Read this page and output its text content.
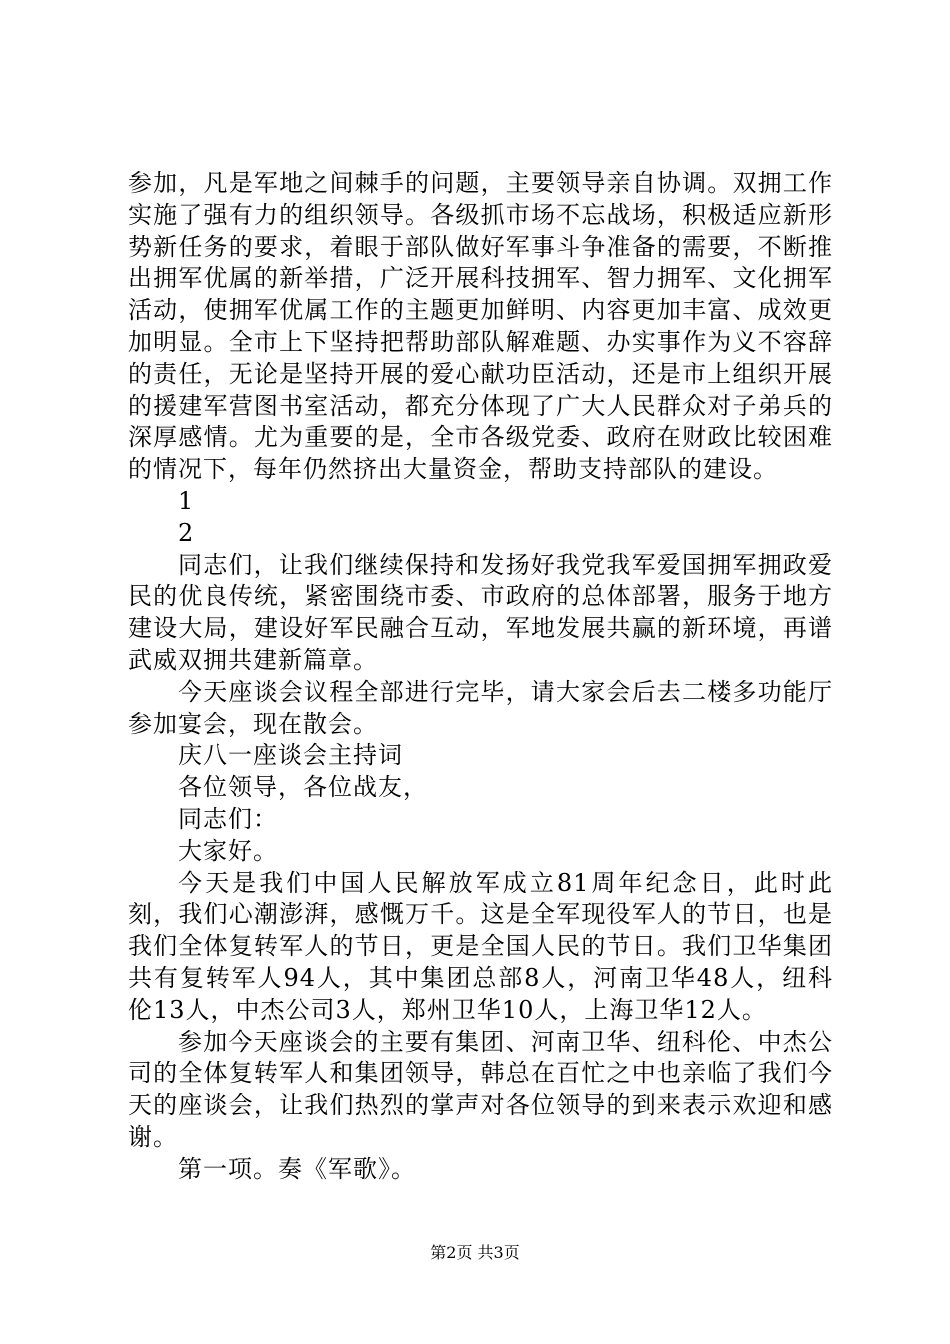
参加，凡是军地之间棘手的问题，主要领导亲自协调。双拥工作实施了强有力的组织领导。各级抓市场不忘战场，积极适应新形势新任务的要求，着眼于部队做好军事斗争准备的需要，不断推出拥军优属的新举措，广泛开展科技拥军、智力拥军、文化拥军活动，使拥军优属工作的主题更加鲜明、内容更加丰富、成效更加明显。全市上下坚持把帮助部队解难题、办实事作为义不容辞的责任，无论是坚持开展的爱心献功臣活动，还是市上组织开展的援建军营图书室活动，都充分体现了广大人民群众对子弟兵的深厚感情。尤为重要的是，全市各级党委、政府在财政比较困难的情况下，每年仍然挤出大量资金，帮助支持部队的建设。

1

2

同志们，让我们继续保持和发扬好我党我军爱国拥军拥政爱民的优良传统，紧密围绕市委、市政府的总体部署，服务于地方建设大局，建设好军民融合互动，军地发展共赢的新环境，再谱武威双拥共建新篇章。

今天座谈会议程全部进行完毕，请大家会后去二楼多功能厅参加宴会，现在散会。

庆八一座谈会主持词

各位领导，各位战友，

同志们：

大家好。

今天是我们中国人民解放军成立81周年纪念日，此时此刻，我们心潮澎湃，感慨万千。这是全军现役军人的节日，也是我们全体复转军人的节日，更是全国人民的节日。我们卫华集团共有复转军人94人，其中集团总部8人，河南卫华48人，纽科伦13人，中杰公司3人，郑州卫华10人，上海卫华12人。

参加今天座谈会的主要有集团、河南卫华、纽科伦、中杰公司的全体复转军人和集团领导，韩总在百忙之中也亲临了我们今天的座谈会，让我们热烈的掌声对各位领导的到来表示欢迎和感谢。

第一项。奏《军歌》。

第2页 共3页
